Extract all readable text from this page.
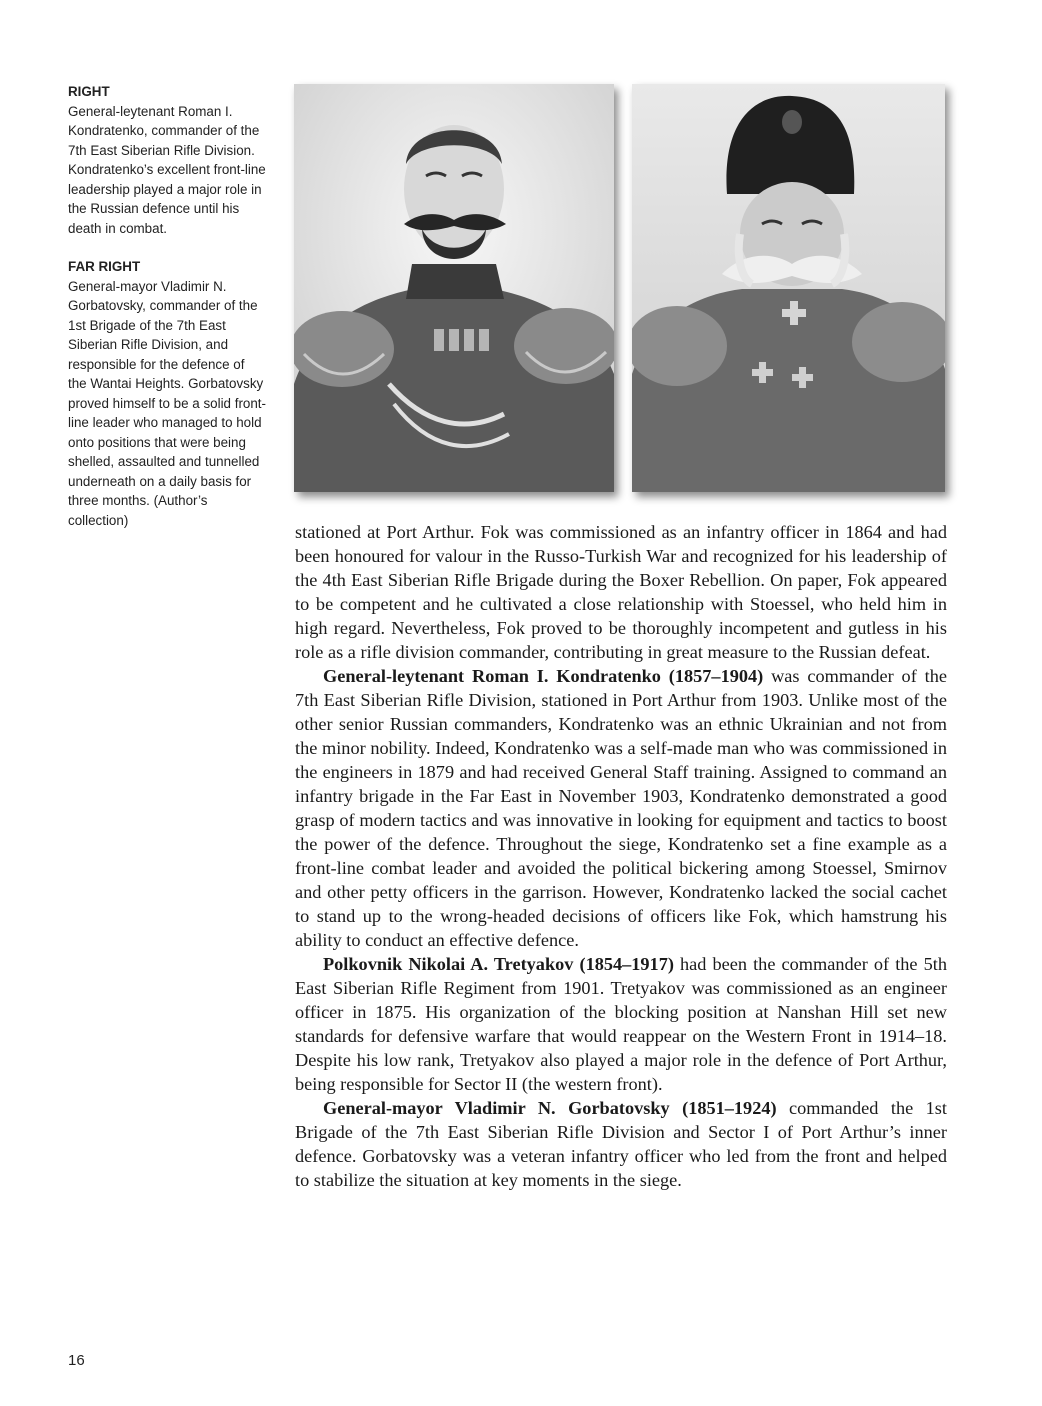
RIGHT
General-leytenant Roman I. Kondratenko, commander of the 7th East Siberian Rifle Division. Kondratenko’s excellent front-line leadership played a major role in the Russian defence until his death in combat.
FAR RIGHT
General-mayor Vladimir N. Gorbatovsky, commander of the 1st Brigade of the 7th East Siberian Rifle Division, and responsible for the defence of the Wantai Heights. Gorbatovsky proved himself to be a solid front-line leader who managed to hold onto positions that were being shelled, assaulted and tunnelled underneath on a daily basis for three months. (Author’s collection)

stationed at Port Arthur. Fok was commissioned as an infantry officer in 1864 and had been honoured for valour in the Russo-Turkish War and recognized for his leadership of the 4th East Siberian Rifle Brigade during the Boxer Rebellion. On paper, Fok appeared to be competent and he cultivated a close relationship with Stoessel, who held him in high regard. Nevertheless, Fok proved to be thoroughly incompetent and gutless in his role as a rifle division commander, contributing in great measure to the Russian defeat.

General-leytenant Roman I. Kondratenko (1857–1904) was commander of the 7th East Siberian Rifle Division, stationed in Port Arthur from 1903. Unlike most of the other senior Russian commanders, Kondratenko was an ethnic Ukrainian and not from the minor nobility. Indeed, Kondratenko was a self-made man who was commissioned in the engineers in 1879 and had received General Staff training. Assigned to command an infantry brigade in the Far East in November 1903, Kondratenko demonstrated a good grasp of modern tactics and was innovative in looking for equipment and tactics to boost the power of the defence. Throughout the siege, Kondratenko set a fine example as a front-line combat leader and avoided the political bickering among Stoessel, Smirnov and other petty officers in the garrison. However, Kondratenko lacked the social cachet to stand up to the wrong-headed decisions of officers like Fok, which hamstrung his ability to conduct an effective defence.

Polkovnik Nikolai A. Tretyakov (1854–1917) had been the commander of the 5th East Siberian Rifle Regiment from 1901. Tretyakov was commissioned as an engineer officer in 1875. His organization of the blocking position at Nanshan Hill set new standards for defensive warfare that would reappear on the Western Front in 1914–18. Despite his low rank, Tretyakov also played a major role in the defence of Port Arthur, being responsible for Sector II (the western front).

General-mayor Vladimir N. Gorbatovsky (1851–1924) commanded the 1st Brigade of the 7th East Siberian Rifle Division and Sector I of Port Arthur’s inner defence. Gorbatovsky was a veteran infantry officer who led from the front and helped to stabilize the situation at key moments in the siege.

16
